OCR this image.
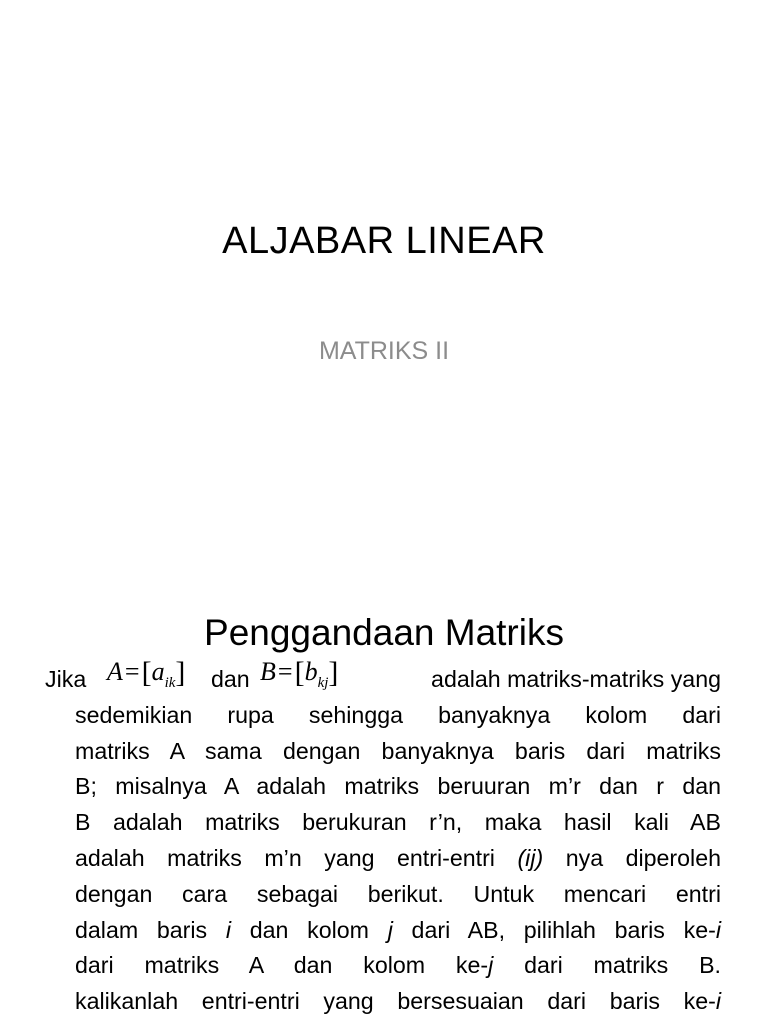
ALJABAR LINEAR
MATRIKS II
Penggandaan Matriks
Jika $A=[a_{ik}]$ dan $B=[b_{kj}]$	adalah matriks-matriks yang
sedemikian rupa sehingga banyaknya kolom dari
matriks A sama dengan banyaknya baris dari matriks
B; misalnya A adalah matriks beruuran m’r dan r dan
B adalah matriks berukuran r’n, maka hasil kali AB
adalah matriks m’n yang entri-entri (ij) nya diperoleh
dengan cara sebagai berikut. Untuk mencari entri
dalam baris i dan kolom j dari AB, pilihlah baris ke-i
dari matriks A dan kolom ke-j dari matriks B.
kalikanlah entri-entri yang bersesuaian dari baris ke-i
